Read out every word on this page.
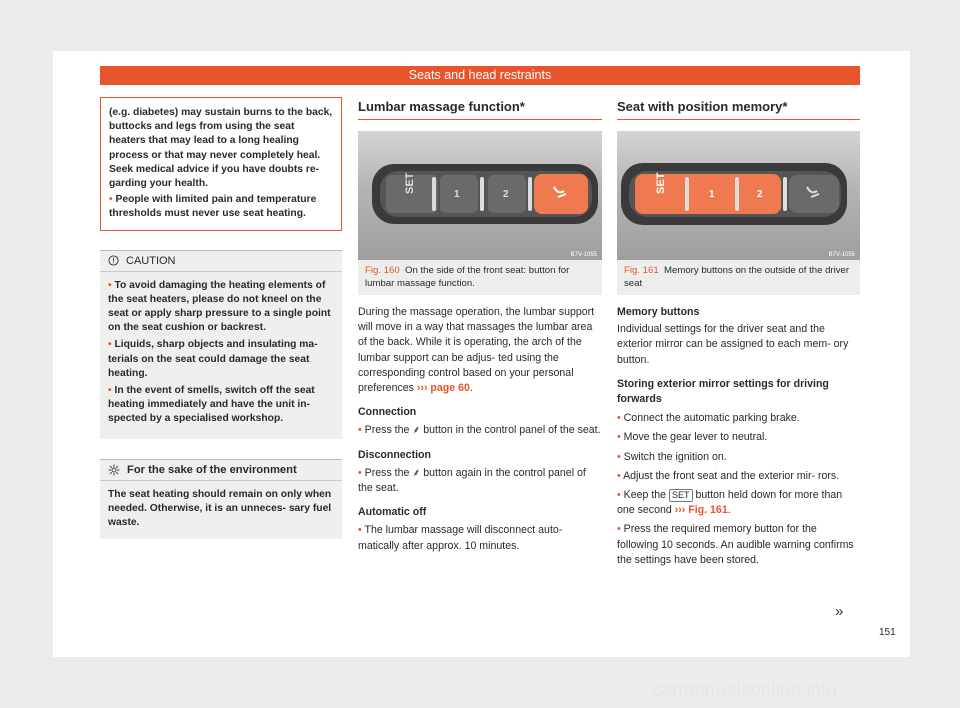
Seats and head restraints

(e.g. diabetes) may sustain burns to the back, buttocks and legs from using the seat heaters that may lead to a long healing process or that may never completely heal. Seek medical advice if you have doubts re- garding your health.

• People with limited pain and temperature thresholds must never use seat heating.

CAUTION

• To avoid damaging the heating elements of the seat heaters, please do not kneel on the seat or apply sharp pressure to a single point on the seat cushion or backrest.

• Liquids, sharp objects and insulating ma- terials on the seat could damage the seat heating.

• In the event of smells, switch off the seat heating immediately and have the unit in- spected by a specialised workshop.

For the sake of the environment
The seat heating should remain on only when needed. Otherwise, it is an unneces- sary fuel waste.
Lumbar massage function*
SET
1	2
B7V-1055
Fig. 160 On the side of the front seat: button for lumbar massage function.

During the massage operation, the lumbar support will move in a way that massages the lumbar area of the back. While it is operating, the arch of the lumbar support can be adjus- ted using the corresponding control based on your personal preferences ››› page 60.

Connection

• Press the ⸙ button in the control panel of the seat.

Disconnection

• Press the ⸙ button again in the control panel of the seat.

Automatic off

• The lumbar massage will disconnect auto- matically after approx. 10 minutes.

Seat with position memory*
SET
1	2
B7V-1056
Fig. 161 Memory buttons on the outside of the driver seat

Memory buttons

Individual settings for the driver seat and the exterior mirror can be assigned to each mem- ory button.

Storing exterior mirror settings for driving forwards

• Connect the automatic parking brake.

• Move the gear lever to neutral.

• Switch the ignition on.

• Adjust the front seat and the exterior mir- rors.

• Keep the SET button held down for more than one second ››› Fig. 161.

• Press the required memory button for the following 10 seconds. An audible warning confirms the settings have been stored.

»
151
carmanualsonline.info
